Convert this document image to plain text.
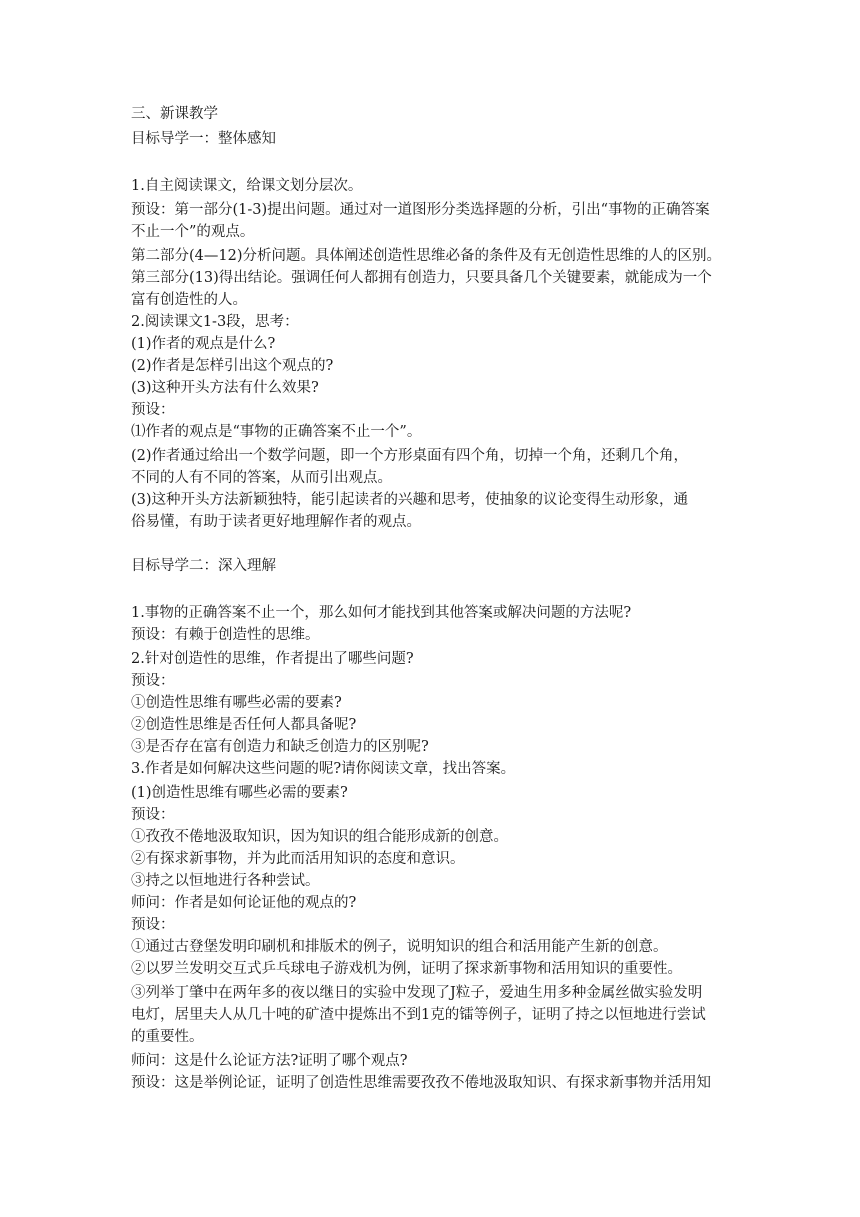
三、新课教学
目标导学一：整体感知
1.自主阅读课文，给课文划分层次。
预设：第一部分(1-3)提出问题。通过对一道图形分类选择题的分析，引出“事物的正确答案
不止一个”的观点。
第二部分(4—12)分析问题。具体阐述创造性思维必备的条件及有无创造性思维的人的区别。
第三部分(13)得出结论。强调任何人都拥有创造力，只要具备几个关键要素，就能成为一个
富有创造性的人。
2.阅读课文1-3段，思考：
(1)作者的观点是什么?
(2)作者是怎样引出这个观点的?
(3)这种开头方法有什么效果?
预设：
⑴作者的观点是“事物的正确答案不止一个”。
(2)作者通过给出一个数学问题，即一个方形桌面有四个角，切掉一个角，还剩几个角，
不同的人有不同的答案，从而引出观点。
(3)这种开头方法新颖独特，能引起读者的兴趣和思考，使抽象的议论变得生动形象，通
俗易懂，有助于读者更好地理解作者的观点。
目标导学二：深入理解
1.事物的正确答案不止一个，那么如何才能找到其他答案或解决问题的方法呢?
预设：有赖于创造性的思维。
2.针对创造性的思维，作者提出了哪些问题?
预设：
①创造性思维有哪些必需的要素?
②创造性思维是否任何人都具备呢?
③是否存在富有创造力和缺乏创造力的区别呢?
3.作者是如何解决这些问题的呢?请你阅读文章，找出答案。
(1)创造性思维有哪些必需的要素?
预设：
①孜孜不倦地汲取知识，因为知识的组合能形成新的创意。
②有探求新事物，并为此而活用知识的态度和意识。
③持之以恒地进行各种尝试。
师问：作者是如何论证他的观点的?
预设：
①通过古登堡发明印刷机和排版术的例子，说明知识的组合和活用能产生新的创意。
②以罗兰发明交互式乒乓球电子游戏机为例，证明了探求新事物和活用知识的重要性。
③列举丁肇中在两年多的夜以继日的实验中发现了J粒子，爱迪生用多种金属丝做实验发明
电灯，居里夫人从几十吨的矿渣中提炼出不到1克的镭等例子，证明了持之以恒地进行尝试
的重要性。
师问：这是什么论证方法?证明了哪个观点?
预设：这是举例论证，证明了创造性思维需要孜孜不倦地汲取知识、有探求新事物并活用知
